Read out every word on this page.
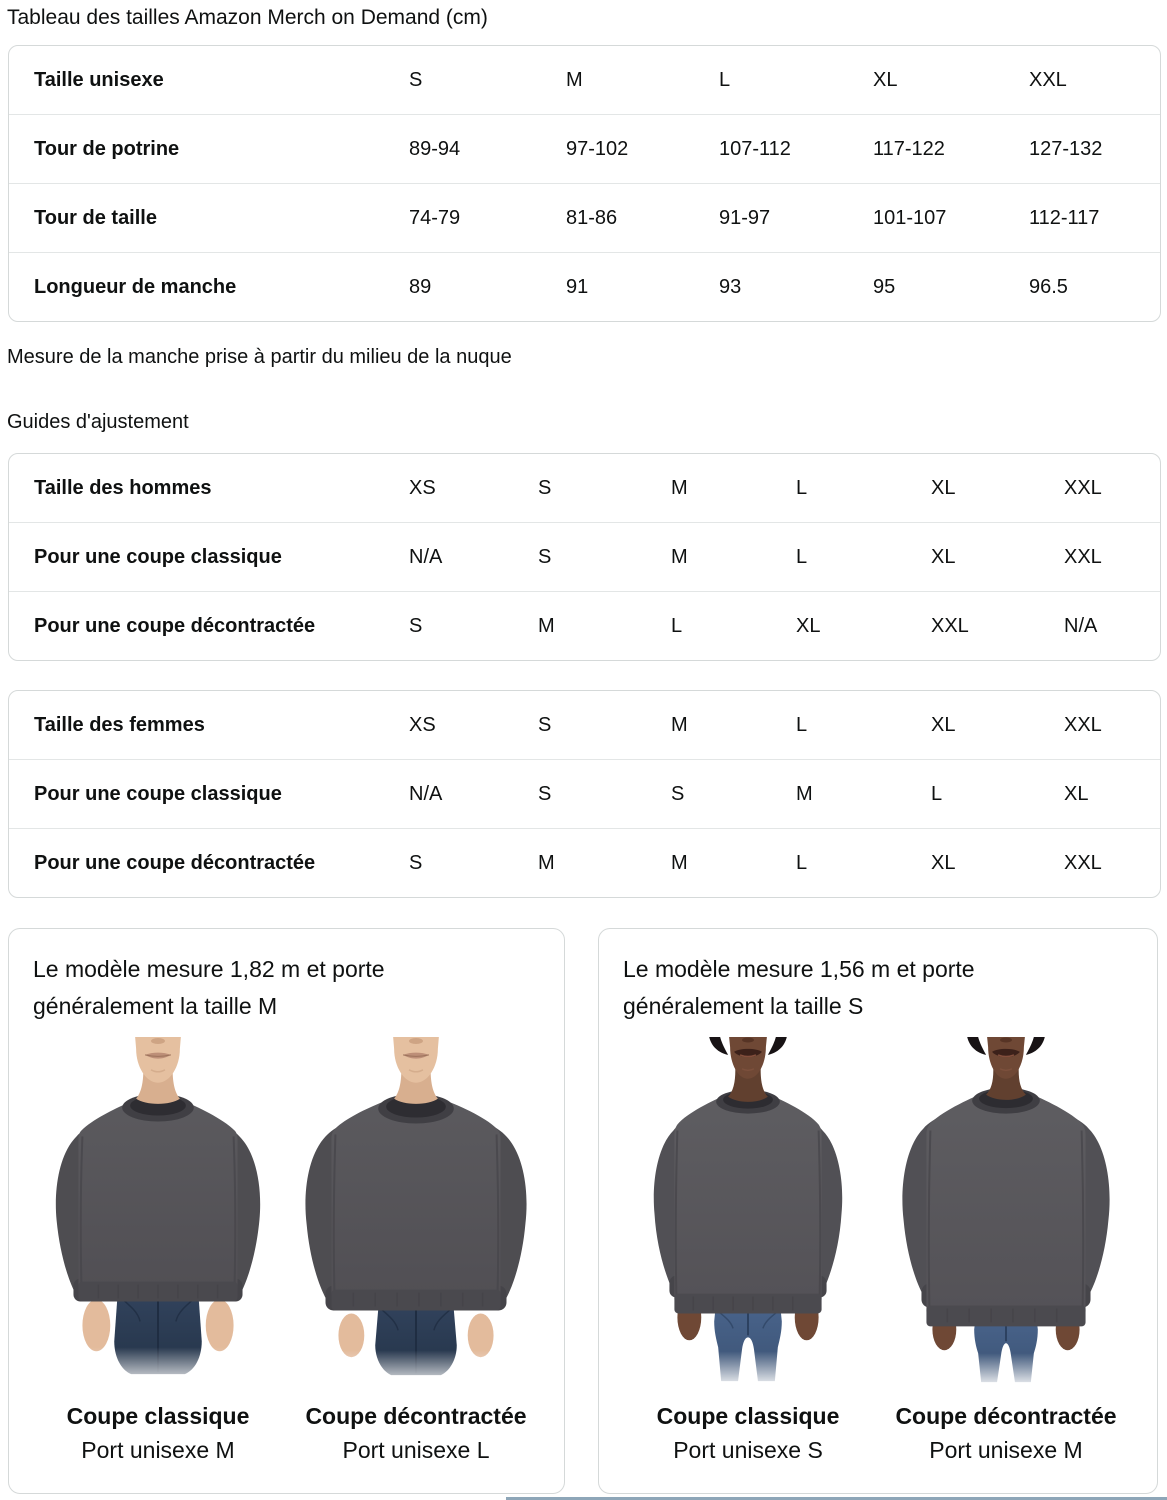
Tableau des tailles Amazon Merch on Demand (cm)
Taille unisexe	S	M	L	XL	XXL
Tour de potrine	89-94	97-102	107-112	117-122	127-132
Tour de taille	74-79	81-86	91-97	101-107	112-117
Longueur de manche	89	91	93	95	96.5

Mesure de la manche prise à partir du milieu de la nuque

Guides d'ajustement
Taille des hommes	XS	S	M	L	XL	XXL
Pour une coupe classique	N/A	S	M	L	XL	XXL
Pour une coupe décontractée	S	M	L	XL	XXL	N/A
Taille des femmes	XS	S	M	L	XL	XXL
Pour une coupe classique	N/A	S	S	M	L	XL
Pour une coupe décontractée	S	M	M	L	XL	XXL

Le modèle mesure 1,82 m et porte généralement la taille M

Coupe classique
Port unisexe M
Coupe décontractée
Port unisexe L

Le modèle mesure 1,56 m et porte généralement la taille S

Coupe classique
Port unisexe S
Coupe décontractée
Port unisexe M
